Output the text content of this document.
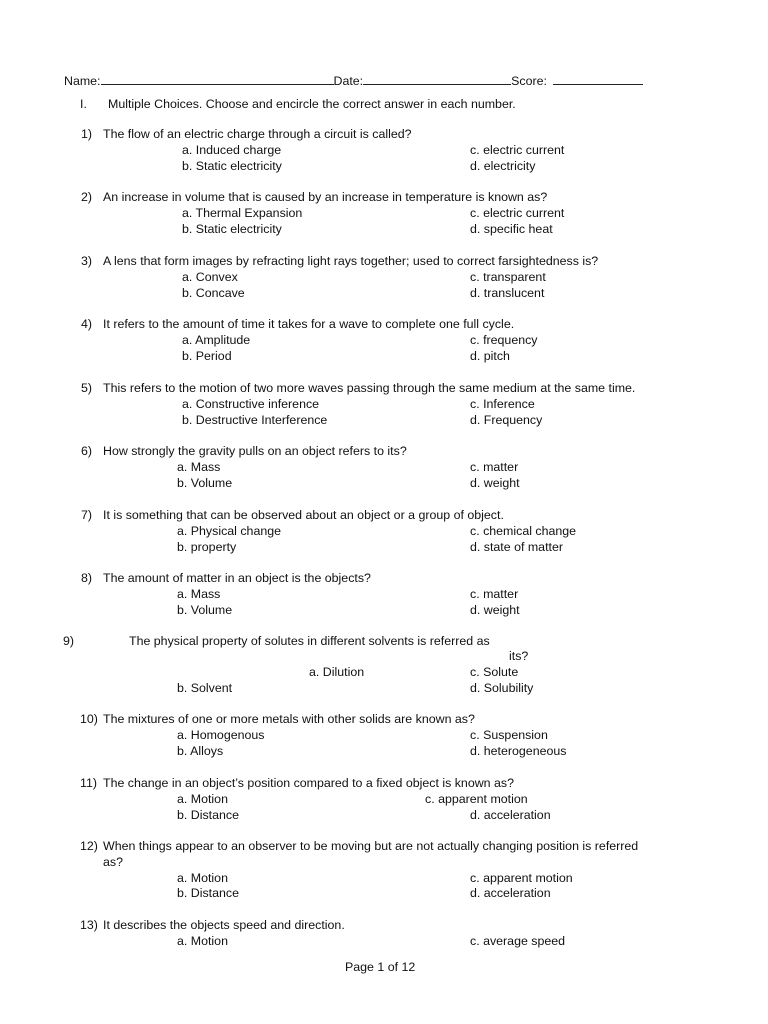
Name:	Date:	Score:
I. Multiple Choices. Choose and encircle the correct answer in each number.
1) The flow of an electric charge through a circuit is called?
a. Induced charge	c. electric current
b. Static electricity	d. electricity
2) An increase in volume that is caused by an increase in temperature is known as?
a. Thermal Expansion	c. electric current
b. Static electricity	d. specific heat
3) A lens that form images by refracting light rays together; used to correct farsightedness is?
a. Convex	c. transparent
b. Concave	d. translucent
4) It refers to the amount of time it takes for a wave to complete one full cycle.
a. Amplitude	c. frequency
b. Period	d. pitch
5) This refers to the motion of two more waves passing through the same medium at the same time.
a. Constructive inference	c. Inference
b. Destructive Interference	d. Frequency
6) How strongly the gravity pulls on an object refers to its?
a. Mass	c. matter
b. Volume	d. weight
7) It is something that can be observed about an object or a group of object.
a. Physical change	c. chemical change
b. property	d. state of matter
8) The amount of matter in an object is the objects?
a. Mass	c. matter
b. Volume	d. weight
9)	The physical property of solutes in different solvents is referred as
its?
a. Dilution	c. Solute
b. Solvent	d. Solubility
10) The mixtures of one or more metals with other solids are known as?
a. Homogenous	c. Suspension
b. Alloys	d. heterogeneous
11) The change in an object’s position compared to a fixed object is known as?
a. Motion	c. apparent motion
b. Distance	d. acceleration
12) When things appear to an observer to be moving but are not actually changing position is referred
as?
a. Motion	c. apparent motion
b. Distance	d. acceleration
13) It describes the objects speed and direction.
a. Motion	c. average speed
Page 1 of 12
